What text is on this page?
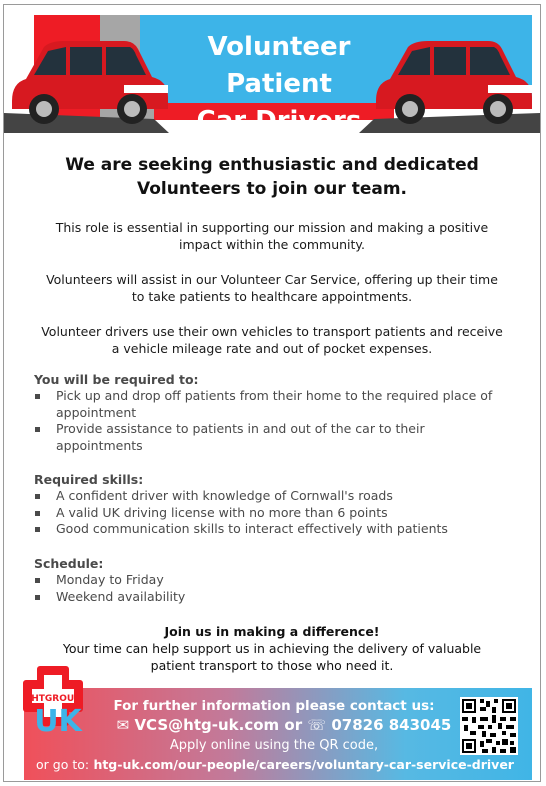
Volunteer Patient
Car Drivers
We are seeking enthusiastic and dedicated
Volunteers to join our team.
This role is essential in supporting our mission and making a positive
impact within the community.
Volunteers will assist in our Volunteer Car Service, offering up their time
to take patients to healthcare appointments.
Volunteer drivers use their own vehicles to transport patients and receive
a vehicle mileage rate and out of pocket expenses.
You will be required to:
Pick up and drop off patients from their home to the required place of
appointment
Provide assistance to patients in and out of the car to their
appointments
Required skills:
A confident driver with knowledge of Cornwall's roads
A valid UK driving license with no more than 6 points
Good communication skills to interact effectively with patients
Schedule:
Monday to Friday
Weekend availability
Join us in making a difference!
Your time can help support us in achieving the delivery of valuable
patient transport to those who need it.
HTGROUP
UK	For further information please contact us:
✉ VCS@htg-uk.com or ☏ 07826 843045
Apply online using the QR code,
or go to: htg-uk.com/our-people/careers/voluntary-car-service-driver
